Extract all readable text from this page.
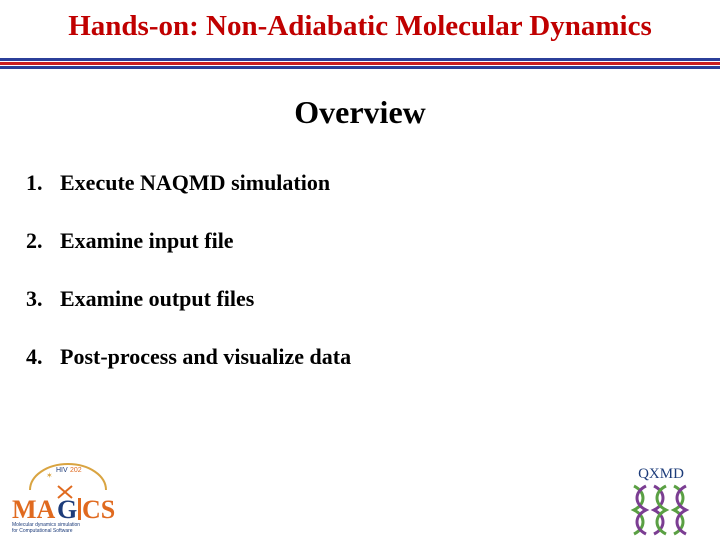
Hands-on: Non-Adiabatic Molecular Dynamics
Overview
1. Execute NAQMD simulation
2. Examine input file
3. Examine output files
4. Post-process and visualize data
✶
HIV 202
MA G CS
Molecular dynamics simulation
for Computational Software
QXMD
